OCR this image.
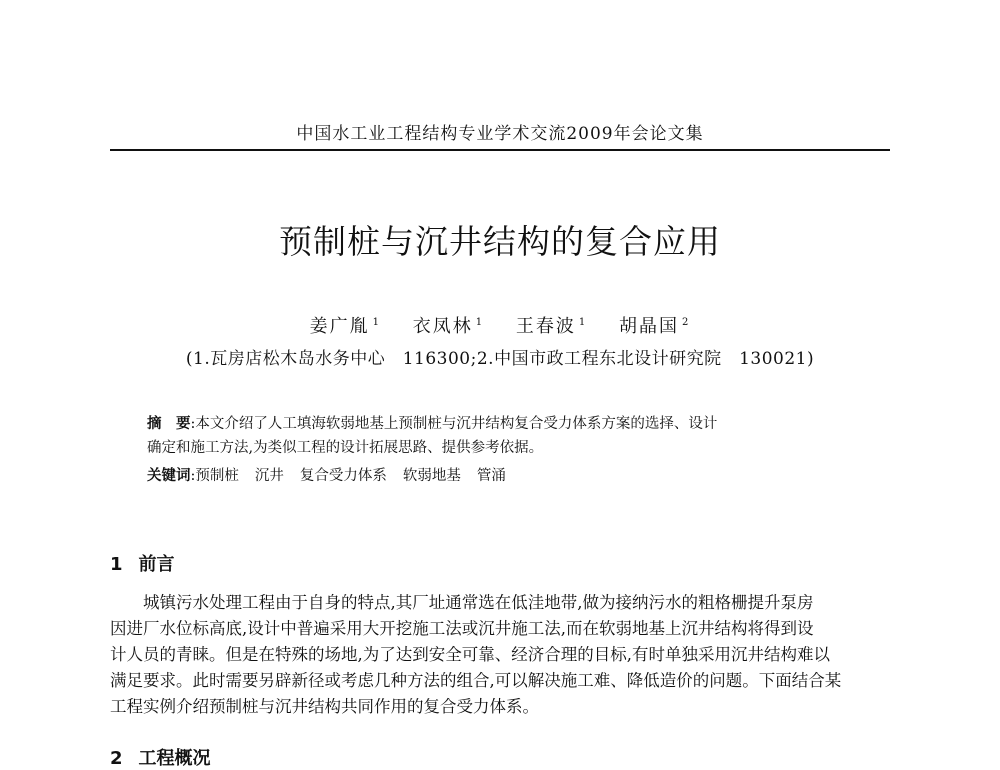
中国水工业工程结构专业学术交流2009年会论文集
预制桩与沉井结构的复合应用
姜广胤 $^1$ 衣凤林 $^1$ 王春波 $^1$ 胡晶国 $^2$
(1.瓦房店松木岛水务中心　116300;2.中国市政工程东北设计研究院　130021)
摘　要:本文介绍了人工填海软弱地基上预制桩与沉井结构复合受力体系方案的选择、设计
确定和施工方法,为类似工程的设计拓展思路、提供参考依据。
关键词:预制桩 沉井 复合受力体系 软弱地基 管涌
1 前言
城镇污水处理工程由于自身的特点,其厂址通常选在低洼地带,做为接纳污水的粗格栅提升泵房
因进厂水位标高底,设计中普遍采用大开挖施工法或沉井施工法,而在软弱地基上沉井结构将得到设
计人员的青睐。但是在特殊的场地,为了达到安全可靠、经济合理的目标,有时单独采用沉井结构难以
满足要求。此时需要另辟新径或考虑几种方法的组合,可以解决施工难、降低造价的问题。下面结合某
工程实例介绍预制桩与沉井结构共同作用的复合受力体系。
2 工程概况
